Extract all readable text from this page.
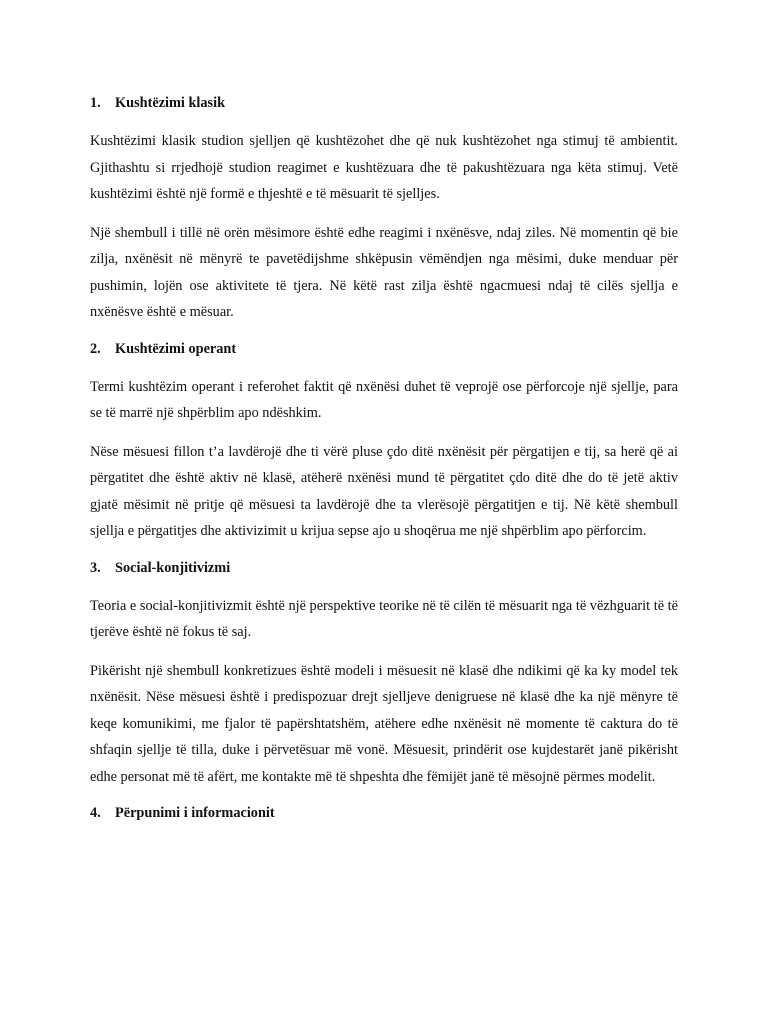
1. Kushtëzimi klasik

Kushtëzimi klasik studion sjelljen që kushtëzohet dhe që nuk kushtëzohet nga stimuj të ambientit. Gjithashtu si rrjedhojë studion reagimet e kushtëzuara dhe të pakushtëzuara nga këta stimuj. Vetë kushtëzimi është një formë e thjeshtë e të mësuarit të sjelljes.

Një shembull i tillë në orën mësimore është edhe reagimi i nxënësve, ndaj ziles. Në momentin që bie zilja, nxënësit në mënyrë te pavetëdijshme shkëpusin vëmëndjen nga mësimi, duke menduar për pushimin, lojën ose aktivitete të tjera. Në këtë rast zilja është ngacmuesi ndaj të cilës sjellja e nxënësve është e mësuar.

2. Kushtëzimi operant

Termi kushtëzim operant i referohet faktit që nxënësi duhet të veprojë ose përforcoje një sjellje, para se të marrë një shpërblim apo ndëshkim.

Nëse mësuesi fillon t’a lavdërojë dhe ti vërë pluse çdo ditë nxënësit për përgatijen e tij, sa herë që ai përgatitet dhe është aktiv në klasë, atëherë nxënësi mund të përgatitet çdo ditë dhe do të jetë aktiv gjatë mësimit në pritje që mësuesi ta lavdërojë dhe ta vlerësojë përgatitjen e tij. Në këtë shembull sjellja e përgatitjes dhe aktivizimit u krijua sepse ajo u shoqërua me një shpërblim apo përforcim.

3. Social-konjitivizmi

Teoria e social-konjitivizmit është një perspektive teorike në të cilën të mësuarit nga të vëzhguarit të të tjerëve është në fokus të saj.

Pikërisht një shembull konkretizues është modeli i mësuesit në klasë dhe ndikimi që ka ky model tek nxënësit. Nëse mësuesi është i predispozuar drejt sjelljeve denigruese në klasë dhe ka një mënyre të keqe komunikimi, me fjalor të papërshtatshëm, atëhere edhe nxënësit në momente të caktura do të shfaqin sjellje të tilla, duke i përvetësuar më vonë. Mësuesit, prindërit ose kujdestarët janë pikërisht edhe personat më të afërt, me kontakte më të shpeshta dhe fëmijët janë të mësojnë përmes modelit.

4. Përpunimi i informacionit
